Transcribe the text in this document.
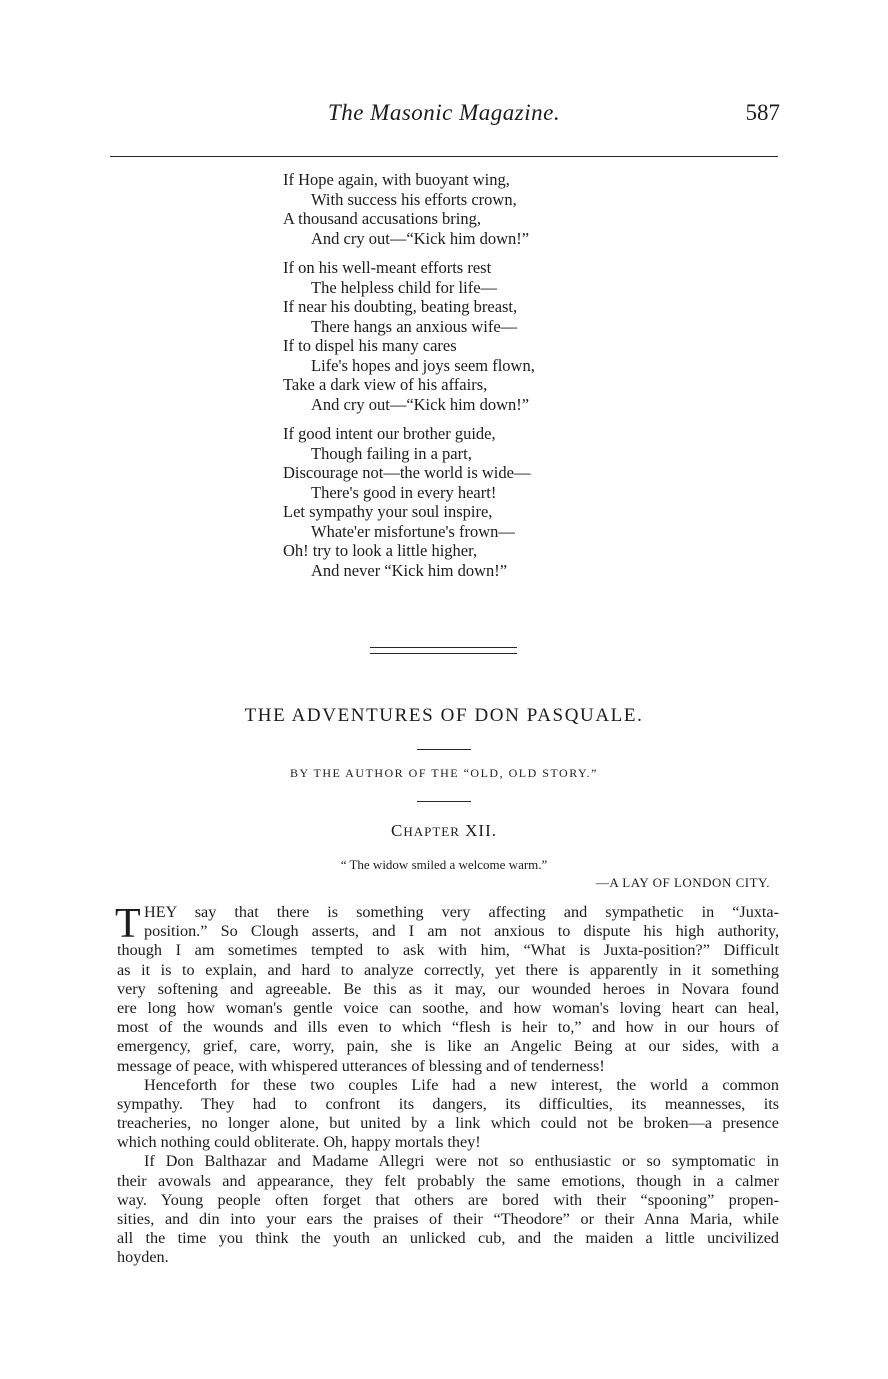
The Masonic Magazine.	587
If Hope again, with buoyant wing,
With success his efforts crown,
A thousand accusations bring,
And cry out—“Kick him down!”
If on his well-meant efforts rest
The helpless child for life—
If near his doubting, beating breast,
There hangs an anxious wife—
If to dispel his many cares
Life's hopes and joys seem flown,
Take a dark view of his affairs,
And cry out—“Kick him down!”
If good intent our brother guide,
Though failing in a part,
Discourage not—the world is wide—
There's good in every heart!
Let sympathy your soul inspire,
Whate'er misfortune's frown—
Oh! try to look a little higher,
And never “Kick him down!”
THE ADVENTURES OF DON PASQUALE.
BY THE AUTHOR OF THE “OLD, OLD STORY.”
CHAPTER XII.
“ The widow smiled a welcome warm.”
—A LAY OF LONDON CITY.
T HEY say that there is something very affecting and sympathetic in “Juxta-
position.” So Clough asserts, and I am not anxious to dispute his high authority,
though I am sometimes tempted to ask with him, “What is Juxta-position?” Difficult
as it is to explain, and hard to analyze correctly, yet there is apparently in it something
very softening and agreeable. Be this as it may, our wounded heroes in Novara found
ere long how woman's gentle voice can soothe, and how woman's loving heart can heal,
most of the wounds and ills even to which “flesh is heir to,” and how in our hours of
emergency, grief, care, worry, pain, she is like an Angelic Being at our sides, with a
message of peace, with whispered utterances of blessing and of tenderness!
Henceforth for these two couples Life had a new interest, the world a common
sympathy. They had to confront its dangers, its difficulties, its meannesses, its
treacheries, no longer alone, but united by a link which could not be broken—a presence
which nothing could obliterate. Oh, happy mortals they!
If Don Balthazar and Madame Allegri were not so enthusiastic or so symptomatic in
their avowals and appearance, they felt probably the same emotions, though in a calmer
way. Young people often forget that others are bored with their “spooning” propen-
sities, and din into your ears the praises of their “Theodore” or their Anna Maria, while
all the time you think the youth an unlicked cub, and the maiden a little uncivilized
hoyden.
